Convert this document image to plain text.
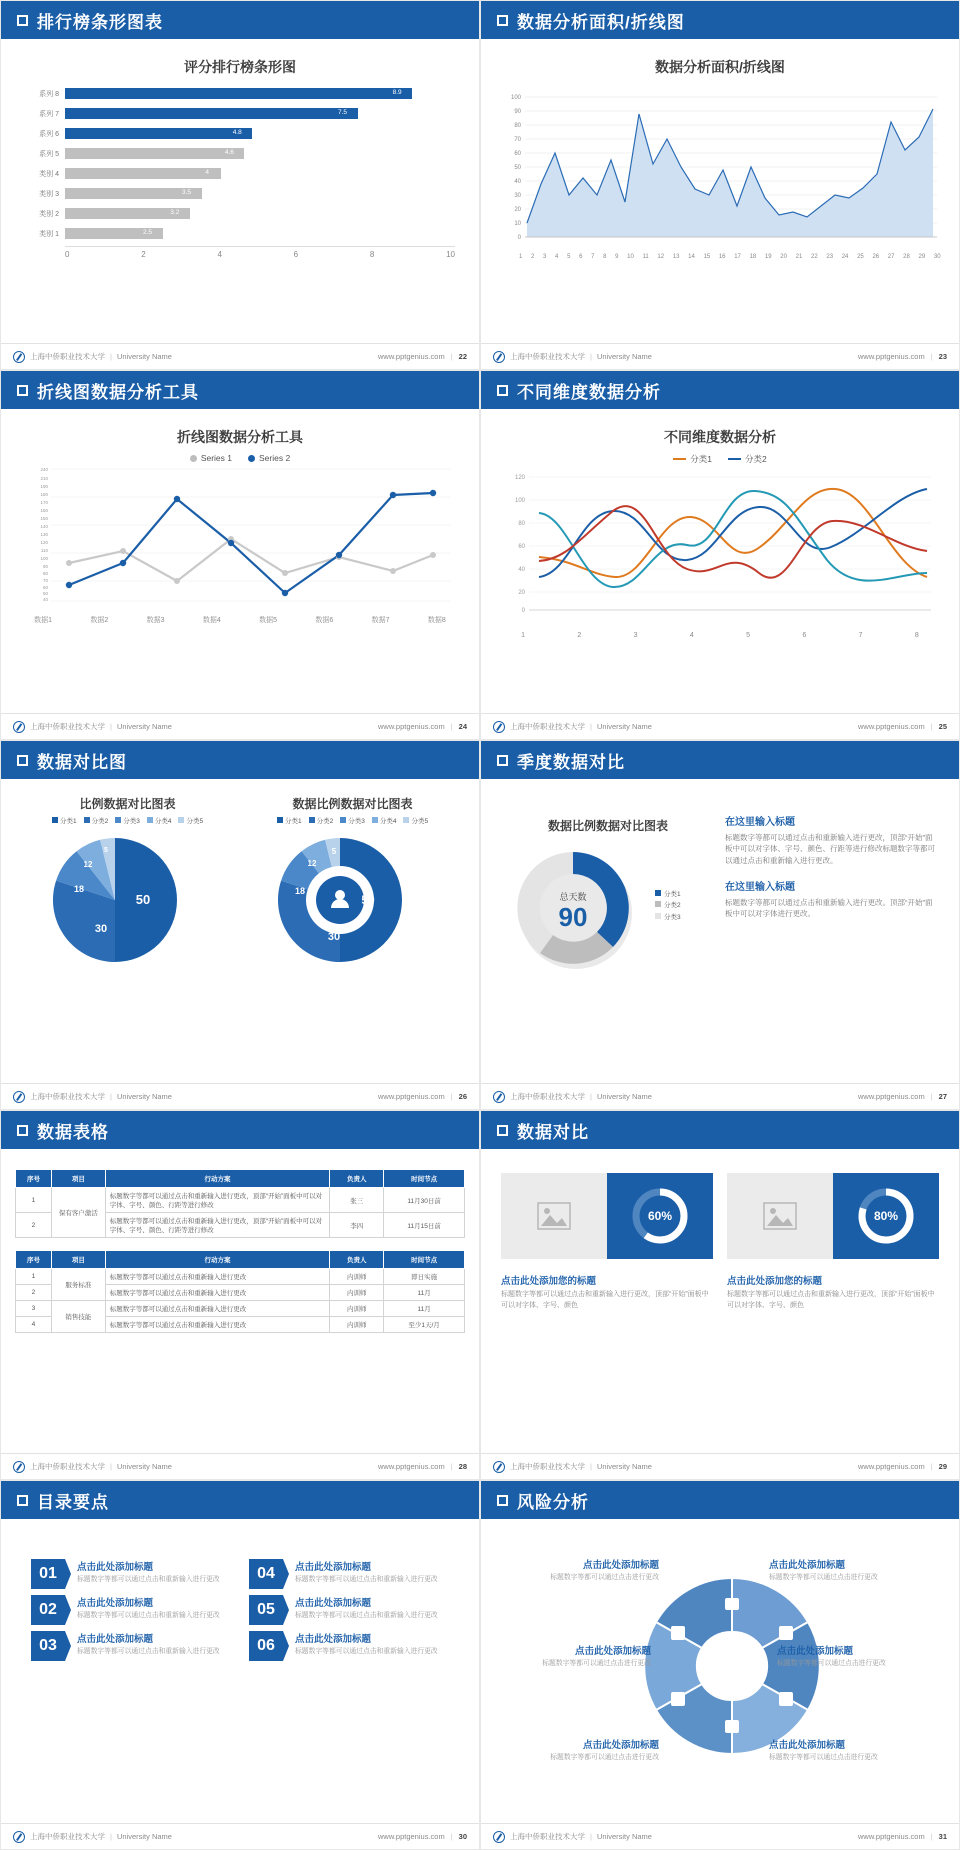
排行榜条形图表
评分排行榜条形图
系列 8	8.9
系列 7	7.5
系列 6	4.8
系列 5	4.6
类别 4	4
类别 3	3.5
类别 2	3.2
类别 1	2.5
0	2	4	6	8	10
上海中侨职业技术大学 | University Name	www.pptgenius.com | 22
数据分析面积/折线图
数据分析面积/折线图
100
90
80
70
60
50
40
30
20
10
0
1 2 3 4 5 6 7 8 9 10 11 12 13 14 15 16 17 18 19 20 21 22 23 24 25 26 27 28 29 30
上海中侨职业技术大学 | University Name	www.pptgenius.com | 23
折线图数据分析工具
折线图数据分析工具
Series 1	Series 2
240
210
190
180
170
160
150
140
130
120
110
100
90
80
70
60
50
40
数据1	数据2	数据3	数据4	数据5	数据6	数据7	数据8
上海中侨职业技术大学 | University Name	www.pptgenius.com | 24
不同维度数据分析
不同维度数据分析
分类1	分类2
120
100
80
60
40
20
0
1	2	3	4	5	6	7	8
上海中侨职业技术大学 | University Name	www.pptgenius.com | 25
数据对比图
比例数据对比图表
分类1	分类2	分类3	分类4	分类5
50
30
18
12
5
数据比例数据对比图表
分类1	分类2	分类3	分类4	分类5
50
30
18
12
5
上海中侨职业技术大学 | University Name	www.pptgenius.com | 26
季度数据对比
数据比例数据对比图表
总天数
90
分类1
分类2
分类3
在这里输入标题
标题数字等都可以通过点击和重新输入进行更改，顶部“开始”面板中可以对字体、字号、颜色、行距等进行修改标题数字等都可以通过点击和重新输入进行更改。
在这里输入标题
标题数字等都可以通过点击和重新输入进行更改。顶部“开始”面板中可以对字体进行更改。
上海中侨职业技术大学 | University Name	www.pptgenius.com | 27
数据表格
序号	项目	行动方案	负责人	时间节点
1	保有客户激活	标题数字等都可以通过点击和重新输入进行更改，顶部“开始”面板中可以对字体、字号、颜色、行距等进行修改	张三	11月30日前
2		标题数字等都可以通过点击和重新输入进行更改，顶部“开始”面板中可以对字体、字号、颜色、行距等进行修改	李四	11月15日前
序号	项目	行动方案	负责人	时间节点
1	服务标准	标题数字等都可以通过点击和重新输入进行更改	内训师	即日实施
2		标题数字等都可以通过点击和重新输入进行更改	内训师	11月
3	销售技能	标题数字等都可以通过点击和重新输入进行更改	内训师	11月
4		标题数字等都可以通过点击和重新输入进行更改	内训师	至少1天/月
上海中侨职业技术大学 | University Name	www.pptgenius.com | 28
数据对比
60%	80%
点击此处添加您的标题
标题数字等都可以通过点击和重新输入进行更改，顶部“开始”面板中可以对字体、字号、颜色
点击此处添加您的标题
标题数字等都可以通过点击和重新输入进行更改，顶部“开始”面板中可以对字体、字号、颜色
上海中侨职业技术大学 | University Name	www.pptgenius.com | 29
目录要点
01	点击此处添加标题
标题数字等都可以通过点击和重新输入进行更改	04	点击此处添加标题
标题数字等都可以通过点击和重新输入进行更改
02	点击此处添加标题
标题数字等都可以通过点击和重新输入进行更改	05	点击此处添加标题
标题数字等都可以通过点击和重新输入进行更改
03	点击此处添加标题
标题数字等都可以通过点击和重新输入进行更改	06	点击此处添加标题
标题数字等都可以通过点击和重新输入进行更改
上海中侨职业技术大学 | University Name	www.pptgenius.com | 30
风险分析
点击此处添加标题
标题数字等都可以通过点击进行更改
点击此处添加标题
标题数字等都可以通过点击进行更改
点击此处添加标题
标题数字等都可以通过点击进行更改
点击此处添加标题
标题数字等都可以通过点击进行更改
点击此处添加标题
标题数字等都可以通过点击进行更改
点击此处添加标题
标题数字等都可以通过点击进行更改
上海中侨职业技术大学 | University Name	www.pptgenius.com | 31
